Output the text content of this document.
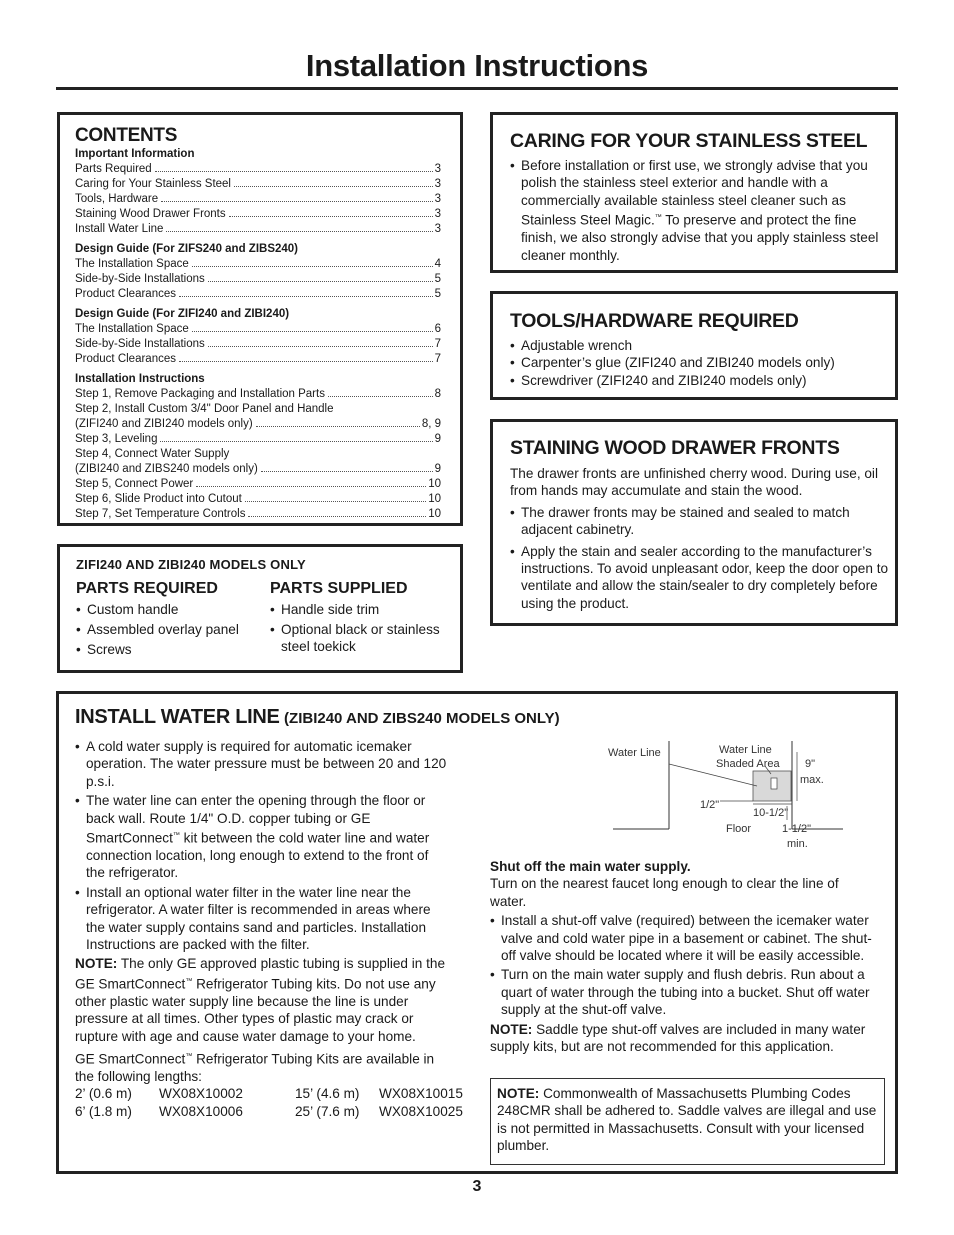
Installation Instructions
CONTENTS
Important Information
Parts Required	3
Caring for Your Stainless Steel	3
Tools, Hardware	3
Staining Wood Drawer Fronts	3
Install Water Line	3
Design Guide (For ZIFS240 and ZIBS240)
The Installation Space	4
Side-by-Side Installations	5
Product Clearances	5
Design Guide (For ZIFI240 and ZIBI240)
The Installation Space	6
Side-by-Side Installations	7
Product Clearances	7
Installation Instructions
Step 1, Remove Packaging and Installation Parts	8
Step 2, Install Custom 3/4" Door Panel and Handle
(ZIFI240 and ZIBI240 models only)	8, 9
Step 3, Leveling	9
Step 4, Connect Water Supply
(ZIBI240 and ZIBS240 models only)	9
Step 5, Connect Power	10
Step 6, Slide Product into Cutout	10
Step 7, Set Temperature Controls	10
ZIFI240 AND ZIBI240 MODELS ONLY
PARTS REQUIRED
• Custom handle
• Assembled overlay panel
• Screws
PARTS SUPPLIED
• Handle side trim
• Optional black or stainless steel toekick
CARING FOR YOUR STAINLESS STEEL
• Before installation or first use, we strongly advise that you polish the stainless steel exterior and handle with a commercially available stainless steel cleaner such as Stainless Steel Magic.™ To preserve and protect the fine finish, we also strongly advise that you apply stainless steel cleaner monthly.
TOOLS/HARDWARE REQUIRED
• Adjustable wrench
• Carpenter’s glue (ZIFI240 and ZIBI240 models only)
• Screwdriver (ZIFI240 and ZIBI240 models only)
STAINING WOOD DRAWER FRONTS
The drawer fronts are unfinished cherry wood. During use, oil from hands may accumulate and stain the wood.
• The drawer fronts may be stained and sealed to match adjacent cabinetry.
• Apply the stain and sealer according to the manufacturer’s instructions. To avoid unpleasant odor, keep the door open to ventilate and allow the stain/sealer to dry completely before using the product.
INSTALL WATER LINE (ZIBI240 AND ZIBS240 MODELS ONLY)
• A cold water supply is required for automatic icemaker operation. The water pressure must be between 20 and 120 p.s.i.
• The water line can enter the opening through the floor or back wall. Route 1/4" O.D. copper tubing or GE SmartConnect™ kit between the cold water line and water connection location, long enough to extend to the front of the refrigerator.
• Install an optional water filter in the water line near the refrigerator. A water filter is recommended in areas where the water supply contains sand and particles. Installation Instructions are packed with the filter.
NOTE: The only GE approved plastic tubing is supplied in the GE SmartConnect™ Refrigerator Tubing kits. Do not use any other plastic water supply line because the line is under pressure at all times. Other types of plastic may crack or rupture with age and cause water damage to your home.
GE SmartConnect™ Refrigerator Tubing Kits are available in the following lengths:
2’ (0.6 m)	WX08X10002	15’ (4.6 m)	WX08X10015
6’ (1.8 m)	WX08X10006	25’ (7.6 m)	WX08X10025
Water Line	Water Line
Shaded Area 9"
max.
1/2"
10-1/2"
Floor	1-1/2"
min.
Shut off the main water supply.
Turn on the nearest faucet long enough to clear the line of water.
• Install a shut-off valve (required) between the icemaker water valve and cold water pipe in a basement or cabinet. The shut-off valve should be located where it will be easily accessible.
• Turn on the main water supply and flush debris. Run about a quart of water through the tubing into a bucket. Shut off water supply at the shut-off valve.
NOTE: Saddle type shut-off valves are included in many water supply kits, but are not recommended for this application.
NOTE: Commonwealth of Massachusetts Plumbing Codes 248CMR shall be adhered to. Saddle valves are illegal and use is not permitted in Massachusetts. Consult with your licensed plumber.
3
